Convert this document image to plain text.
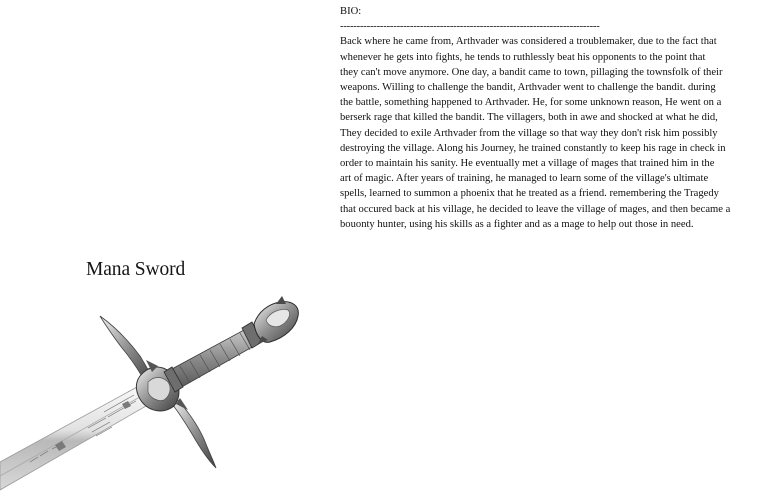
BIO:
------------------------------------------------------------------------------

Back where he came from, Arthvader was considered a troublemaker, due to the fact that
whenever he gets into fights, he tends to ruthlessly beat his opponents to the point that
they can't move anymore. One day, a bandit came to town, pillaging the townsfolk of their
weapons. Willing to challenge the bandit, Arthvader went to challenge the bandit. during
the battle, something happened to Arthvader. He, for some unknown reason, He went on a
berserk rage that killed the bandit. The villagers, both in awe and shocked at what he did,
They decided to exile Arthvader from the village so that way they don't risk him possibly
destroying the village. Along his Journey, he trained constantly to keep his rage in check in
order to maintain his sanity. He eventually met a village of mages that trained him in the
art of magic. After years of training, he managed to learn some of the village's ultimate
spells, learned to summon a phoenix that he treated as a friend. remembering the Tragedy
that occured back at his village, he decided to leave the village of mages, and then became a
bouonty hunter, using his skills as a fighter and as a mage to help out those in need.

Mana Sword
